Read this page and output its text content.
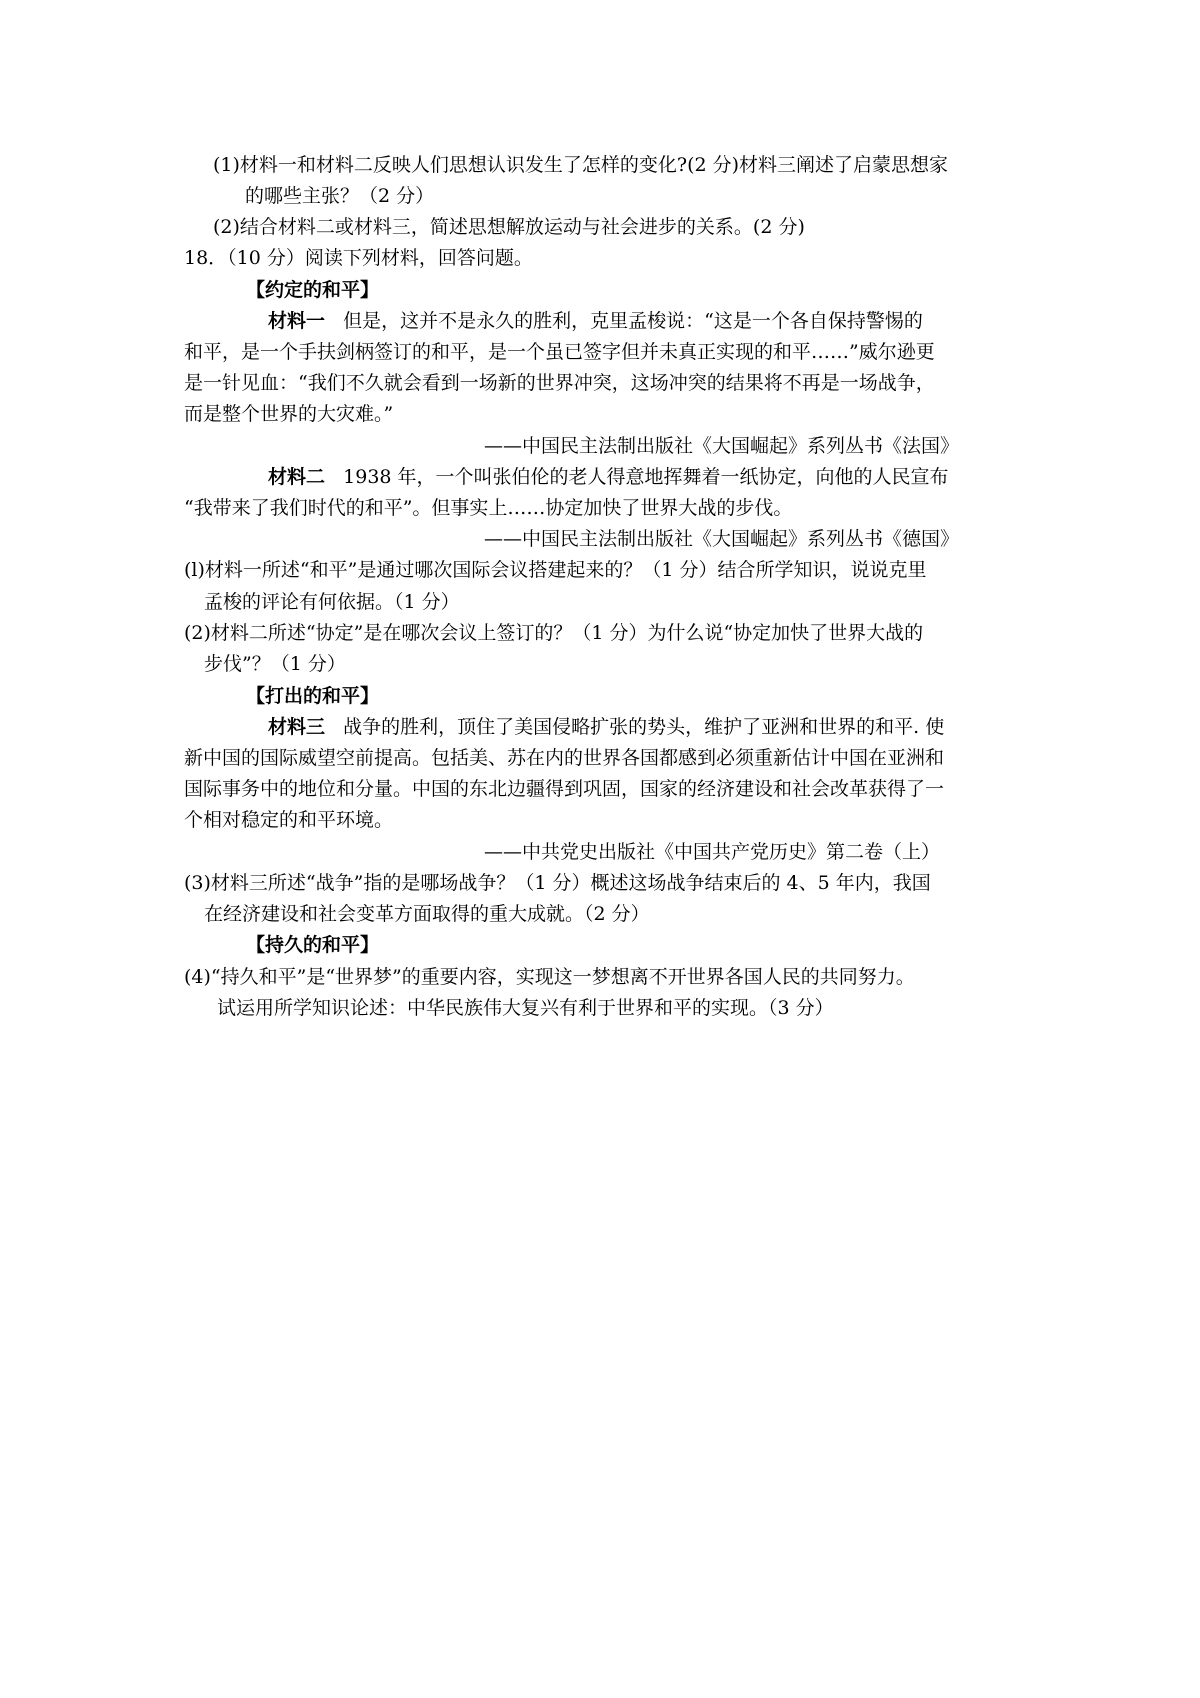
(1)材料一和材料二反映人们思想认识发生了怎样的变化?(2 分)材料三阐述了启蒙思想家
的哪些主张？（2 分）
(2)结合材料二或材料三，简述思想解放运动与社会进步的关系。(2 分)
18．（10 分）阅读下列材料，回答问题。
【约定的和平】
材料一 但是，这并不是永久的胜利，克里孟梭说：“这是一个各自保持警惕的
和平，是一个手扶剑柄签订的和平，是一个虽已签字但并未真正实现的和平……”威尔逊更
是一针见血：“我们不久就会看到一场新的世界冲突，这场冲突的结果将不再是一场战争，
而是整个世界的大灾难。”
——中国民主法制出版社《大国崛起》系列丛书《法国》
材料二 1938 年，一个叫张伯伦的老人得意地挥舞着一纸协定，向他的人民宣布
“我带来了我们时代的和平”。但事实上……协定加快了世界大战的步伐。
——中国民主法制出版社《大国崛起》系列丛书《德国》
(l)材料一所述“和平”是通过哪次国际会议搭建起来的？（1 分）结合所学知识，说说克里
孟梭的评论有何依据。（1 分）
(2)材料二所述“协定”是在哪次会议上签订的？（1 分）为什么说“协定加快了世界大战的
步伐”？（1 分）
【打出的和平】
材料三 战争的胜利，顶住了美国侵略扩张的势头，维护了亚洲和世界的和平. 使
新中国的国际威望空前提高。包括美、苏在内的世界各国都感到必须重新估计中国在亚洲和
国际事务中的地位和分量。中国的东北边疆得到巩固，国家的经济建设和社会改革获得了一
个相对稳定的和平环境。
——中共党史出版社《中国共产党历史》第二卷（上）
(3)材料三所述“战争”指的是哪场战争？（1 分）概述这场战争结束后的 4、5 年内，我国
在经济建设和社会变革方面取得的重大成就。（2 分）
【持久的和平】
(4)“持久和平”是“世界梦”的重要内容，实现这一梦想离不开世界各国人民的共同努力。
试运用所学知识论述：中华民族伟大复兴有利于世界和平的实现。（3 分）
